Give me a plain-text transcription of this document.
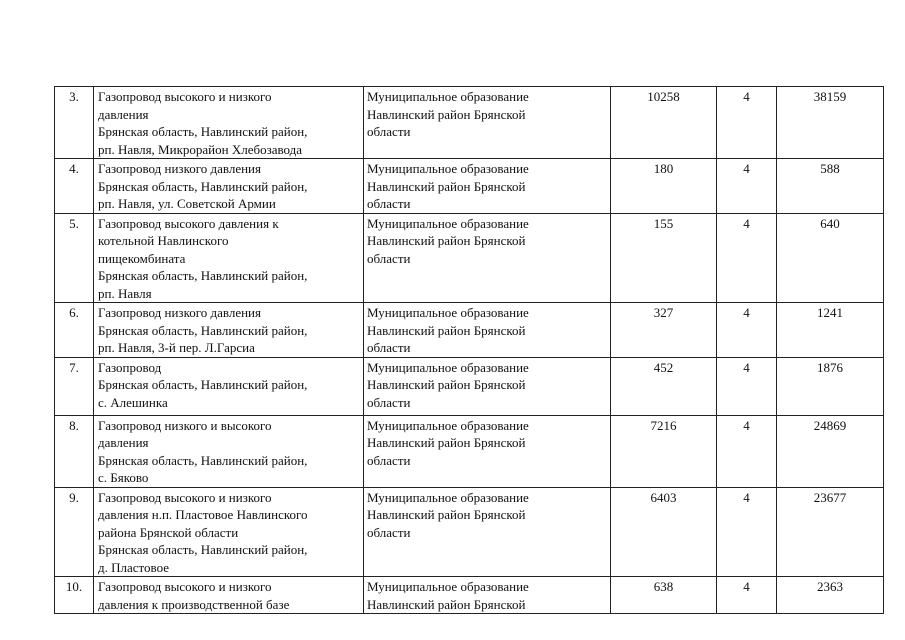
3.	Газопровод высокого и низкого
давления
Брянская область, Навлинский район,
рп. Навля, Микрорайон Хлебозавода	Муниципальное образование
Навлинский район Брянской
области	10258	4	38159
4.	Газопровод низкого давления
Брянская область, Навлинский район,
рп. Навля, ул. Советской Армии	Муниципальное образование
Навлинский район Брянской
области	180	4	588
5.	Газопровод высокого давления к
котельной Навлинского
пищекомбината
Брянская область, Навлинский район,
рп. Навля	Муниципальное образование
Навлинский район Брянской
области	155	4	640
6.	Газопровод низкого давления
Брянская область, Навлинский район,
рп. Навля, 3-й пер. Л.Гарсиа	Муниципальное образование
Навлинский район Брянской
области	327	4	1241
7.	Газопровод
Брянская область, Навлинский район,
с. Алешинка	Муниципальное образование
Навлинский район Брянской
области	452	4	1876
8.	Газопровод низкого и высокого
давления
Брянская область, Навлинский район,
с. Бяково	Муниципальное образование
Навлинский район Брянской
области	7216	4	24869
9.	Газопровод высокого и низкого
давления н.п. Пластовое Навлинского
района Брянской области
Брянская область, Навлинский район,
д. Пластовое	Муниципальное образование
Навлинский район Брянской
области	6403	4	23677
10.	Газопровод высокого и низкого
давления к производственной базе	Муниципальное образование
Навлинский район Брянской	638	4	2363
